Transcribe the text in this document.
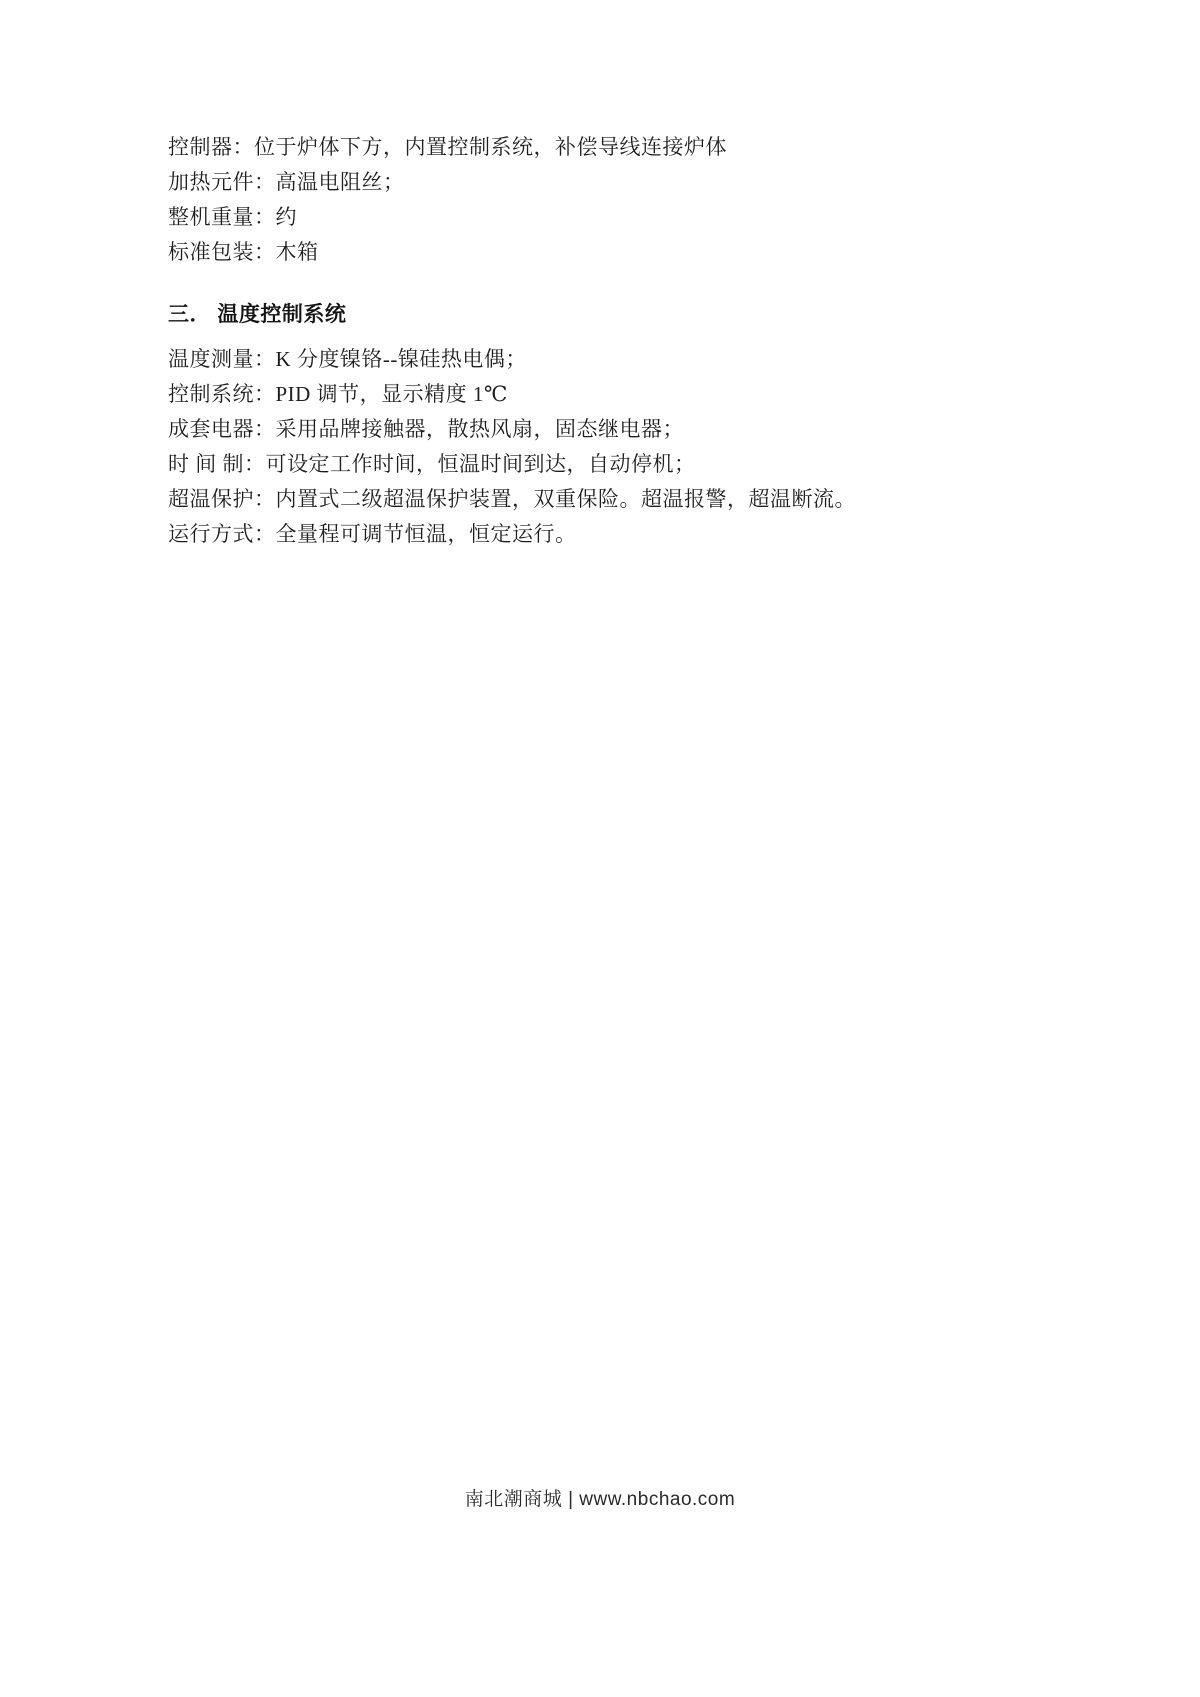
控制器：位于炉体下方，内置控制系统，补偿导线连接炉体
加热元件：高温电阻丝；
整机重量：约
标准包装：木箱
三． 温度控制系统
温度测量：K 分度镍铬--镍硅热电偶；
控制系统：PID 调节，显示精度 1℃
成套电器：采用品牌接触器，散热风扇，固态继电器；
时 间 制：可设定工作时间，恒温时间到达，自动停机；
超温保护：内置式二级超温保护装置，双重保险。超温报警，超温断流。
运行方式：全量程可调节恒温，恒定运行。
南北潮商城 | www.nbchao.com
